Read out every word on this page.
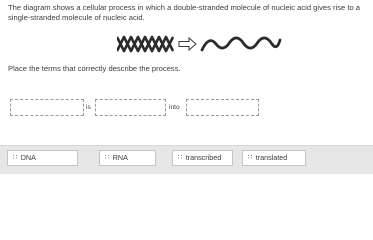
The diagram shows a cellular process in which a double-stranded molecule of nucleic acid gives rise to a single-stranded molecule of nucleic acid.
Place the terms that correctly describe the process.
is	into
∷ DNA	∷ RNA	∷ transcribed	∷ translated
